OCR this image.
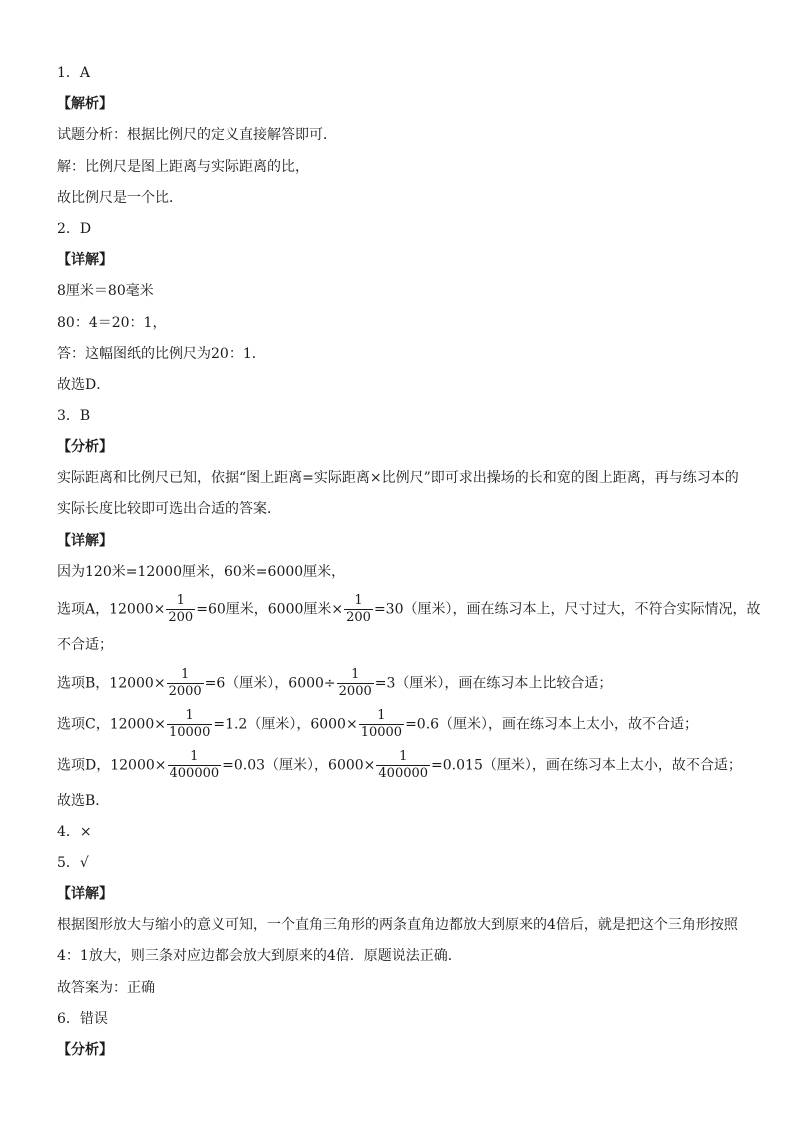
1．A
【解析】
试题分析：根据比例尺的定义直接解答即可．
解：比例尺是图上距离与实际距离的比，
故比例尺是一个比．
2．D
【详解】
8厘米＝80毫米
80：4＝20：1，
答：这幅图纸的比例尺为20：1．
故选D．
3．B
【分析】
实际距离和比例尺已知，依据“图上距离=实际距离×比例尺”即可求出操场的长和宽的图上距离，再与练习本的实际长度比较即可选出合适的答案．
【详解】
因为120米=12000厘米，60米=6000厘米，
选项A，$12000\times \frac{1}{200} =60$厘米，6000厘米× $\frac{1}{200} =30$（厘米），画在练习本上，尺寸过大，不符合实际情况，故
不合适；
选项B，$12000\times \frac{1}{2000} =6$（厘米），$6000\div \frac{1}{2000} =3$（厘米），画在练习本上比较合适；
选项C，$12000\times \frac{1}{10000} =1.2$（厘米），$6000\times \frac{1}{10000} =0.6$（厘米），画在练习本上太小，故不合适；
选项D，$12000\times \frac{1}{400000} =0.03$（厘米），$6000\times \frac{1}{400000} =0.015$（厘米），画在练习本上太小，故不合适；
故选B．
4．×
5．√
【详解】
根据图形放大与缩小的意义可知，一个直角三角形的两条直角边都放大到原来的4倍后，就是把这个三角形按照4：1放大，则三条对应边都会放大到原来的4倍．原题说法正确．
故答案为：正确
6．错误
【分析】
